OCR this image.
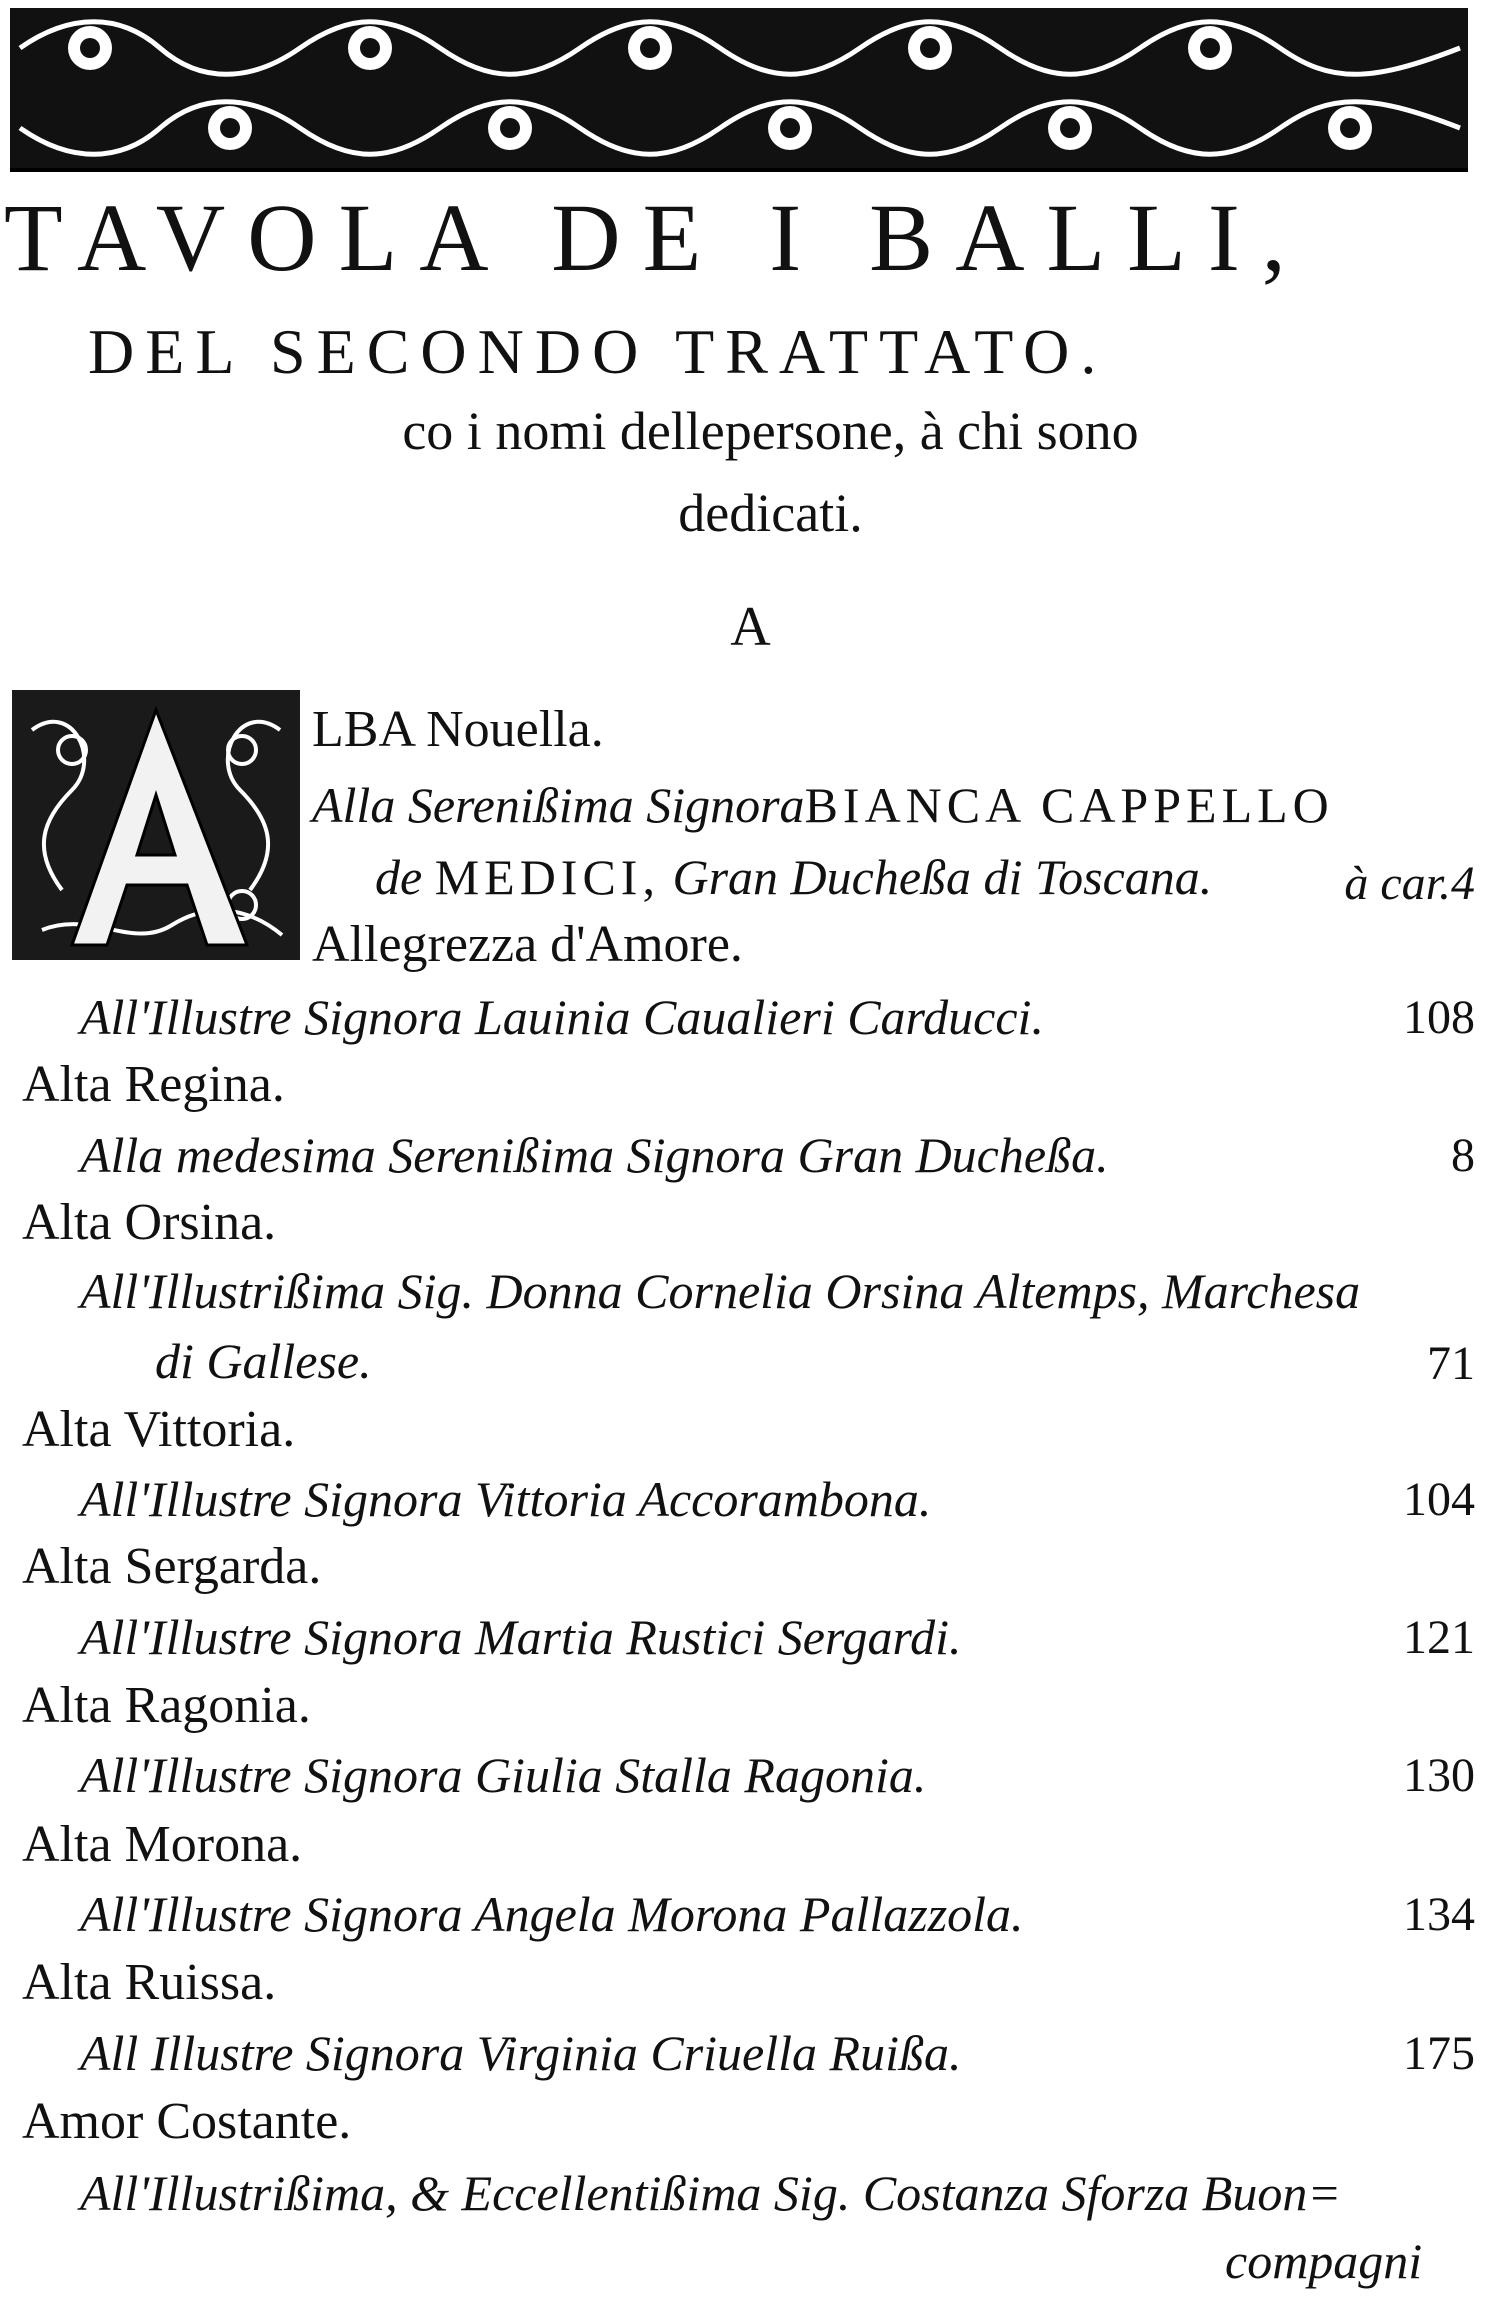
TAVOLA DE I BALLI,
DEL SECONDO TRATTATO.
co i nomi dellepersone, à chi sono
dedicati.
A
LBA Nouella.
Alla Serenißima SignoraBIANCA CAPPELLO
de MEDICI, Gran Ducheßa di Toscana.	à car.4
Allegrezza d'Amore.
All'Illustre Signora Lauinia Caualieri Carducci.	108
Alta Regina.
Alla medesima Serenißima Signora Gran Ducheßa.	8
Alta Orsina.
All'Illustrißima Sig. Donna Cornelia Orsina Altemps, Marchesa
di Gallese.	71
Alta Vittoria.
All'Illustre Signora Vittoria Accorambona.	104
Alta Sergarda.
All'Illustre Signora Martia Rustici Sergardi.	121
Alta Ragonia.
All'Illustre Signora Giulia Stalla Ragonia.	130
Alta Morona.
All'Illustre Signora Angela Morona Pallazzola.	134
Alta Ruissa.
All Illustre Signora Virginia Criuella Ruißa.	175
Amor Costante.
All'Illustrißima, & Eccellentißima Sig. Costanza Sforza Buon=
compagni
